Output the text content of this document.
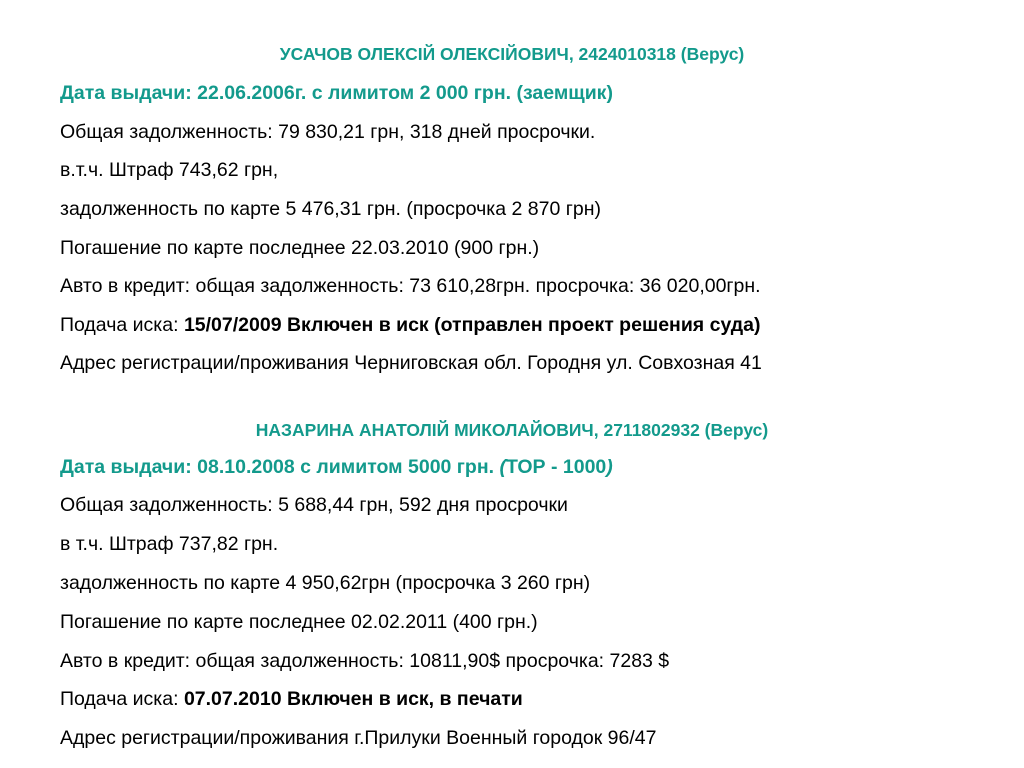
УСАЧОВ ОЛЕКСІЙ ОЛЕКСІЙОВИЧ, 2424010318 (Верус)
Дата выдачи: 22.06.2006г. с лимитом 2 000 грн. (заемщик)
Общая задолженность: 79 830,21 грн, 318 дней просрочки.
в.т.ч. Штраф 743,62 грн,
задолженность по карте 5 476,31 грн. (просрочка 2 870 грн)
Погашение по карте последнее 22.03.2010 (900 грн.)
Авто в кредит: общая задолженность: 73 610,28грн. просрочка: 36 020,00грн.
Подача иска: 15/07/2009 Включен в иск (отправлен проект решения суда)
Адрес регистрации/проживания Черниговская обл. Городня ул. Совхозная 41
НАЗАРИНА АНАТОЛІЙ МИКОЛАЙОВИЧ, 2711802932 (Верус)
Дата выдачи: 08.10.2008 с лимитом 5000 грн. (ТОР - 1000)
Общая задолженность: 5 688,44 грн, 592 дня просрочки
в т.ч. Штраф 737,82 грн.
задолженность по карте 4 950,62грн (просрочка 3 260 грн)
Погашение по карте последнее 02.02.2011 (400 грн.)
Авто в кредит: общая задолженность: 10811,90$ просрочка: 7283 $
Подача иска: 07.07.2010 Включен в иск, в печати
Адрес регистрации/проживания г.Прилуки Военный городок 96/47
